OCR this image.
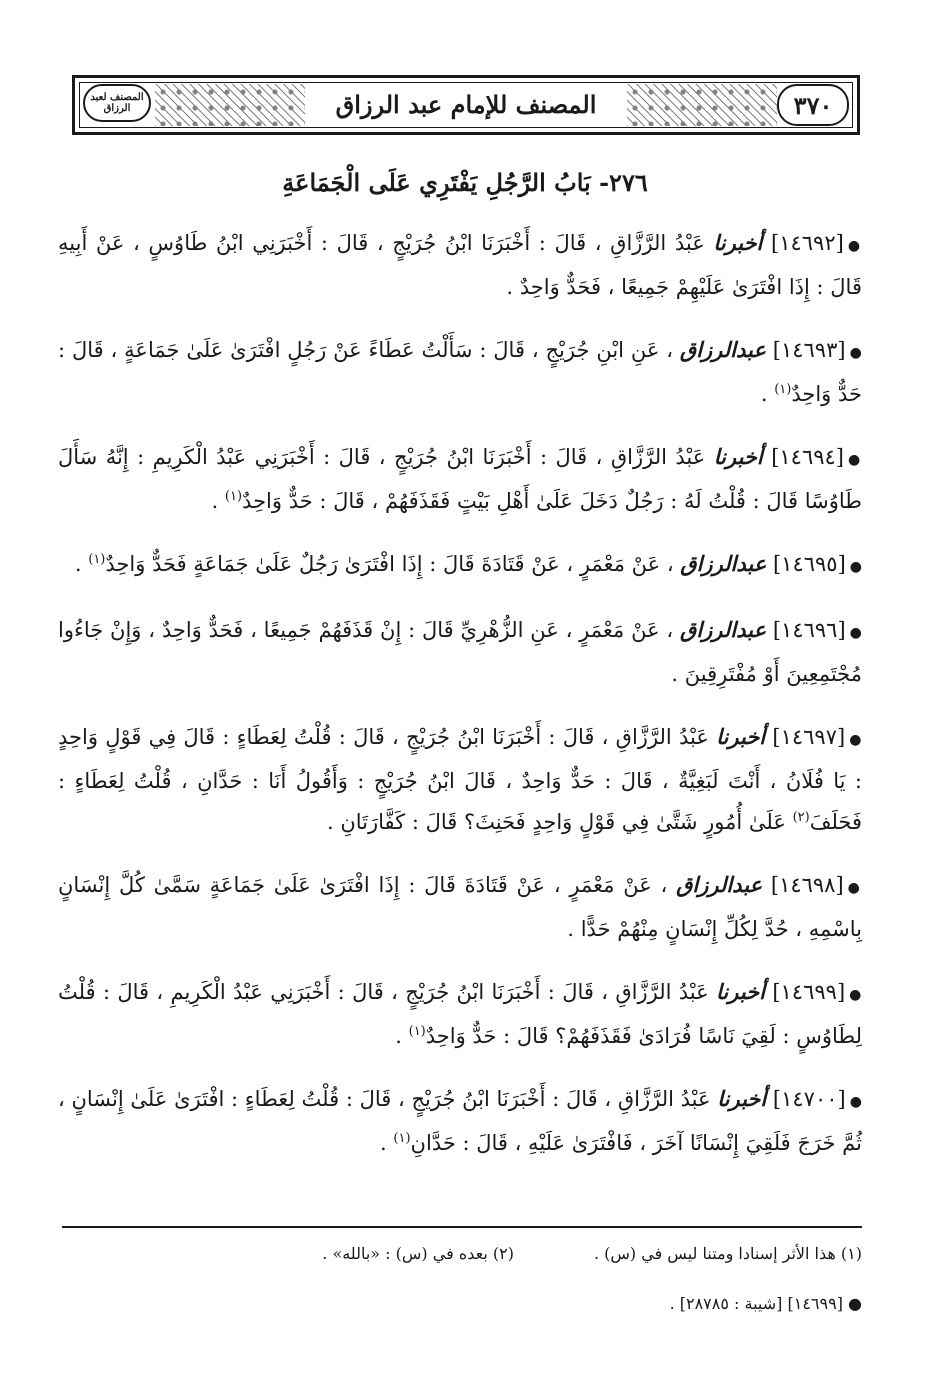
٣٧٠
المصنف لعبد الرزاق	المصنف للإمام عبد الرزاق
٢٧٦- بَابُ الرَّجُلِ يَفْتَرِي عَلَى الْجَمَاعَةِ

●[١٤٦٩٢] أخبرنا عَبْدُ الرَّزَّاقِ ، قَالَ : أَخْبَرَنَا ابْنُ جُرَيْجٍ ، قَالَ : أَخْبَرَنِي ابْنُ طَاوُسٍ ، عَنْ أَبِيهِ قَالَ : إِذَا افْتَرَىٰ عَلَيْهِمْ جَمِيعًا ، فَحَدٌّ وَاحِدٌ .

●[١٤٦٩٣] عبدالرزاق ، عَنِ ابْنِ جُرَيْجٍ ، قَالَ : سَأَلْتُ عَطَاءً عَنْ رَجُلٍ افْتَرَىٰ عَلَىٰ جَمَاعَةٍ ، قَالَ : حَدٌّ وَاحِدٌ$^{(١)}$ .

●[١٤٦٩٤] أخبرنا عَبْدُ الرَّزَّاقِ ، قَالَ : أَخْبَرَنَا ابْنُ جُرَيْجٍ ، قَالَ : أَخْبَرَنِي عَبْدُ الْكَرِيمِ : إِنَّهُ سَأَلَ طَاوُسًا قَالَ : قُلْتُ لَهُ : رَجُلٌ دَخَلَ عَلَىٰ أَهْلِ بَيْتٍ فَقَذَفَهُمْ ، قَالَ : حَدٌّ وَاحِدٌ$^{(١)}$ .

●[١٤٦٩٥] عبدالرزاق ، عَنْ مَعْمَرٍ ، عَنْ قَتَادَةَ قَالَ : إِذَا افْتَرَىٰ رَجُلٌ عَلَىٰ جَمَاعَةٍ فَحَدٌّ وَاحِدٌ$^{(١)}$ .

●[١٤٦٩٦] عبدالرزاق ، عَنْ مَعْمَرٍ ، عَنِ الزُّهْرِيِّ قَالَ : إِنْ قَذَفَهُمْ جَمِيعًا ، فَحَدٌّ وَاحِدٌ ، وَإِنْ جَاءُوا مُجْتَمِعِينَ أَوْ مُفْتَرِقِينَ .

●[١٤٦٩٧] أخبرنا عَبْدُ الرَّزَّاقِ ، قَالَ : أَخْبَرَنَا ابْنُ جُرَيْجٍ ، قَالَ : قُلْتُ لِعَطَاءٍ : قَالَ فِي قَوْلٍ وَاحِدٍ : يَا فُلَانُ ، أَنْتَ لَبَغِيَّةٌ ، قَالَ : حَدٌّ وَاحِدٌ ، قَالَ ابْنُ جُرَيْجٍ : وَأَقُولُ أَنَا : حَدَّانِ ، قُلْتُ لِعَطَاءٍ : فَحَلَفَ$^{(٢)}$ عَلَىٰ أُمُورٍ شَتَّىٰ فِي قَوْلٍ وَاحِدٍ فَحَنِثَ؟ قَالَ : كَفَّارَتَانِ .

●[١٤٦٩٨] عبدالرزاق ، عَنْ مَعْمَرٍ ، عَنْ قَتَادَةَ قَالَ : إِذَا افْتَرَىٰ عَلَىٰ جَمَاعَةٍ سَمَّىٰ كُلَّ إِنْسَانٍ بِاسْمِهِ ، حُدَّ لِكُلِّ إِنْسَانٍ مِنْهُمْ حَدًّا .

●[١٤٦٩٩] أخبرنا عَبْدُ الرَّزَّاقِ ، قَالَ : أَخْبَرَنَا ابْنُ جُرَيْجٍ ، قَالَ : أَخْبَرَنِي عَبْدُ الْكَرِيمِ ، قَالَ : قُلْتُ لِطَاوُسٍ : لَقِيَ نَاسًا فُرَادَىٰ فَقَذَفَهُمْ؟ قَالَ : حَدٌّ وَاحِدٌ$^{(١)}$ .

●[١٤٧٠٠] أخبرنا عَبْدُ الرَّزَّاقِ ، قَالَ : أَخْبَرَنَا ابْنُ جُرَيْجٍ ، قَالَ : قُلْتُ لِعَطَاءٍ : افْتَرَىٰ عَلَىٰ إِنْسَانٍ ، ثُمَّ خَرَجَ فَلَقِيَ إِنْسَانًا آخَرَ ، فَافْتَرَىٰ عَلَيْهِ ، قَالَ : حَدَّانِ$^{(١)}$ .

(١) هذا الأثر إسنادا ومتنا ليس في (س) .
(٢) بعده في (س) : «بالله» .
● [١٤٦٩٩] [شيبة : ٢٨٧٨٥] .
